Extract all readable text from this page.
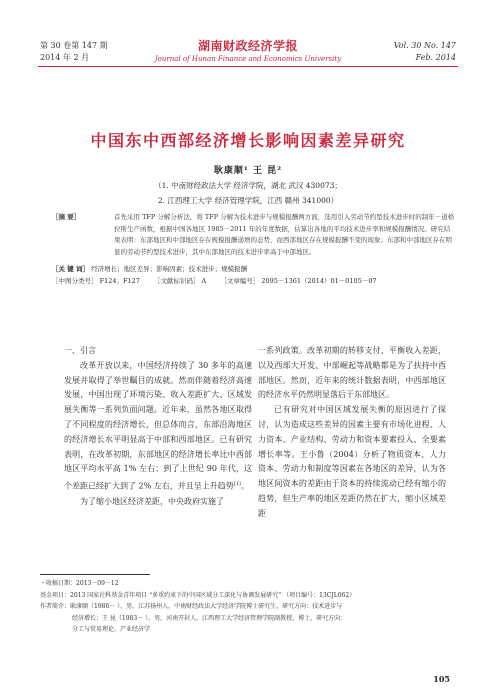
第 30 卷第 147 期
2014 年 2 月
湖南财政经济学报
Journal of Hunan Finance and Economics University
Vol. 30 No. 147
Feb. 2014
中国东中西部经济增长影响因素差异研究
耿康顺¹ 王 昆²
（1. 中南财经政法大学 经济学院，湖北 武汉 430073；
2. 江西理工大学 经济管理学院，江西 赣州 341000）
［摘 要］	首先采用 TFP 分解分析法，将 TFP 分解为技术进步与规模报酬两方面，选用引入劳动节约型技术进步时的制年－道格拉斯生产函数，根据中国各地区 1985－2011 年的年度数据，估算出各地的平均技术进步率和规模报酬情况。研究结果表明：东部地区和中部地区存在规模报酬递增的态势，而西部地区存在规模报酬不变的现象；东部和中部地区存在明显的劳动节约型技术进步，其中东部地区的技术进步率高于中部地区。
［关 键 词］ 经济增长；地区差异；影响因素；技术进步；规模报酬
［中图分类号］ F124；F127 ［文献标识码］ A ［文章编号］ 2095－1361（2014）01－0105－07

一、引言

改革开放以来，中国经济持续了 30 多年的高速发展并取得了举世瞩目的成就。然而伴随着经济高速发展，中国出现了环境污染、收入差距扩大、区域发展失衡等一系列负面问题。近年来，虽然各地区取得了不同程度的经济增长，但总体而言，东部沿海地区的经济增长水平明显高于中部和西部地区。已有研究表明，在改革初期，东部地区的经济增长率比中西部地区平均水平高 1% 左右；到了上世纪 90 年代，这个差距已经扩大到了 2% 左右，并且呈上升趋势[1]。

为了缩小地区经济差距，中央政府实施了

一系列政策。改革初期的转移支付、平衡收入差距，以及西部大开发、中部崛起等战略都是为了扶持中西部地区。然而，近年来的统计数据表明，中西部地区的经济水平仍然明显落后于东部地区。

已有研究对中国区域发展失衡的原因进行了探讨，认为造成这些差异的因素主要有市场化进程、人力资本、产业结构、劳动力和资本要素投入、全要素增长率等。王小鲁（2004）分析了物质资本、人力资本、劳动力和制度等因素在各地区的差异，认为各地区间资本的差距由于资本的持续流动已经有缩小的趋势，但生产率的地区差距仍然在扩大，缩小区域差距

・收稿日期：2013－09－12
基金项目：2013 国家社科基金青年项目 “多重约束下的中国区域分工深化与协调发展研究” （项目编号：13CJL062）
作者简介：耿康顺（1986－ ），男，江苏扬州人，中南财经政法大学经济学院博士研究生，研究方向：技术进步与
经济增长；王 昆（1983－ ），男，河南开封人，江西理工大学经济管理学院副教授，博士，研究方向：
分工与贸易理论、产业经济学
105
